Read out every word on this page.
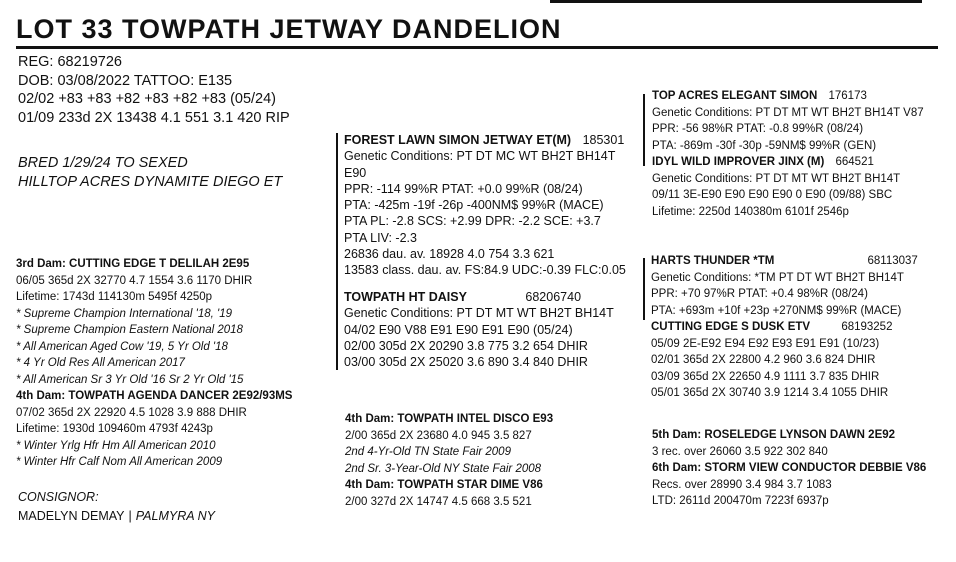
LOT 33 TOWPATH JETWAY DANDELION
REG: 68219726
DOB: 03/08/2022 TATTOO: E135
02/02 +83 +83 +82 +83 +82 +83 (05/24)
01/09 233d 2X 13438 4.1 551 3.1 420 RIP
BRED 1/29/24 TO SEXED
HILLTOP ACRES DYNAMITE DIEGO ET
3rd Dam: CUTTING EDGE T DELILAH 2E95
06/05 365d 2X 32770 4.7 1554 3.6 1170 DHIR
Lifetime: 1743d 114130m 5495f 4250p
* Supreme Champion International '18, '19
* Supreme Champion Eastern National 2018
* All American Aged Cow '19, 5 Yr Old '18
* 4 Yr Old Res All American 2017
* All American Sr 3 Yr Old '16 Sr 2 Yr Old '15
4th Dam: TOWPATH AGENDA DANCER 2E92/93MS
07/02 365d 2X 22920 4.5 1028 3.9 888 DHIR
Lifetime: 1930d 109460m 4793f 4243p
* Winter Yrlg Hfr Hm All American 2010
* Winter Hfr Calf Nom All American 2009
CONSIGNOR:
MADELYN DEMAY | PALMYRA NY
FOREST LAWN SIMON JETWAY ET(M) 185301
Genetic Conditions: PT DT MC WT BH2T BH14T
E90
PPR: -114 99%R PTAT: +0.0 99%R (08/24)
PTA: -425m -19f -26p -400NM$ 99%R (MACE)
PTA PL: -2.8 SCS: +2.99 DPR: -2.2 SCE: +3.7
PTA LIV: -2.3
26836 dau. av. 18928 4.0 754 3.3 621
13583 class. dau. av. FS:84.9 UDC:-0.39 FLC:0.05
TOWPATH HT DAISY	68206740
Genetic Conditions: PT DT MT WT BH2T BH14T
04/02 E90 V88 E91 E90 E91 E90 (05/24)
02/00 305d 2X 20290 3.8 775 3.2 654 DHIR
03/00 305d 2X 25020 3.6 890 3.4 840 DHIR
4th Dam: TOWPATH INTEL DISCO E93
2/00 365d 2X 23680 4.0 945 3.5 827
2nd 4-Yr-Old TN State Fair 2009
2nd Sr. 3-Year-Old NY State Fair 2008
4th Dam: TOWPATH STAR DIME V86
2/00 327d 2X 14747 4.5 668 3.5 521
TOP ACRES ELEGANT SIMON 176173
Genetic Conditions: PT DT MT WT BH2T BH14T V87
PPR: -56 98%R PTAT: -0.8 99%R (08/24)
PTA: -869m -30f -30p -59NM$ 99%R (GEN)
IDYL WILD IMPROVER JINX (M) 664521
Genetic Conditions: PT DT MT WT BH2T BH14T
09/11 3E-E90 E90 E90 E90 0 E90 (09/88) SBC
Lifetime: 2250d 140380m 6101f 2546p
HARTS THUNDER *TM	68113037
Genetic Conditions: *TM PT DT WT BH2T BH14T
PPR: +70 97%R PTAT: +0.4 98%R (08/24)
PTA: +693m +10f +23p +270NM$ 99%R (MACE)
CUTTING EDGE S DUSK ETV	68193252
05/09 2E-E92 E94 E92 E93 E91 E91 (10/23)
02/01 365d 2X 22800 4.2 960 3.6 824 DHIR
03/09 365d 2X 22650 4.9 1111 3.7 835 DHIR
05/01 365d 2X 30740 3.9 1214 3.4 1055 DHIR
5th Dam: ROSELEDGE LYNSON DAWN 2E92
3 rec. over 26060 3.5 922 302 840
6th Dam: STORM VIEW CONDUCTOR DEBBIE V86
Recs. over 28990 3.4 984 3.7 1083
LTD: 2611d 200470m 7223f 6937p
